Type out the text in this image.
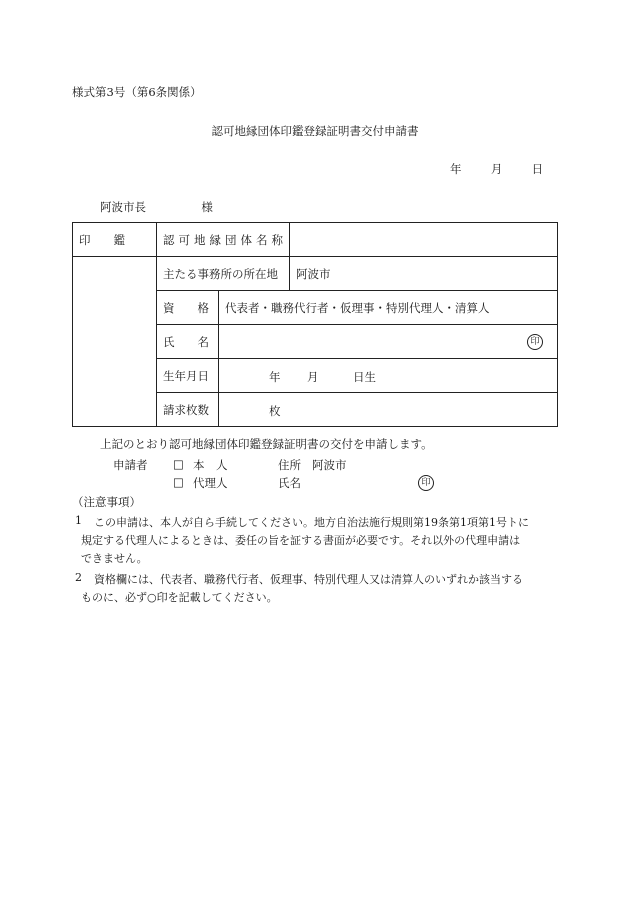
様式第3号（第6条関係）
認可地縁団体印鑑登録証明書交付申請書
年	月	日
阿波市長	様
印　　鑑	認可地縁団体名称		
	主たる事務所の所在地		阿波市
	資　　格	代表者・職務代行者・仮理事・特別代理人・清算人	
	氏　　名	印	

	生年月日	年 月 日生	

	請求枚数	枚	
上記のとおり認可地縁団体印鑑登録証明書の交付を申請します。
申請者 □ 本　人	住所 阿波市
□ 代理人	氏名	印
（注意事項）
1 この申請は、本人が自ら手続してください。地方自治法施行規則第19条第1項第1号トに
規定する代理人によるときは、委任の旨を証する書面が必要です。それ以外の代理申請は
できません。
2 資格欄には、代表者、職務代行者、仮理事、特別代理人又は清算人のいずれか該当する
ものに、必ず○印を記載してください。
